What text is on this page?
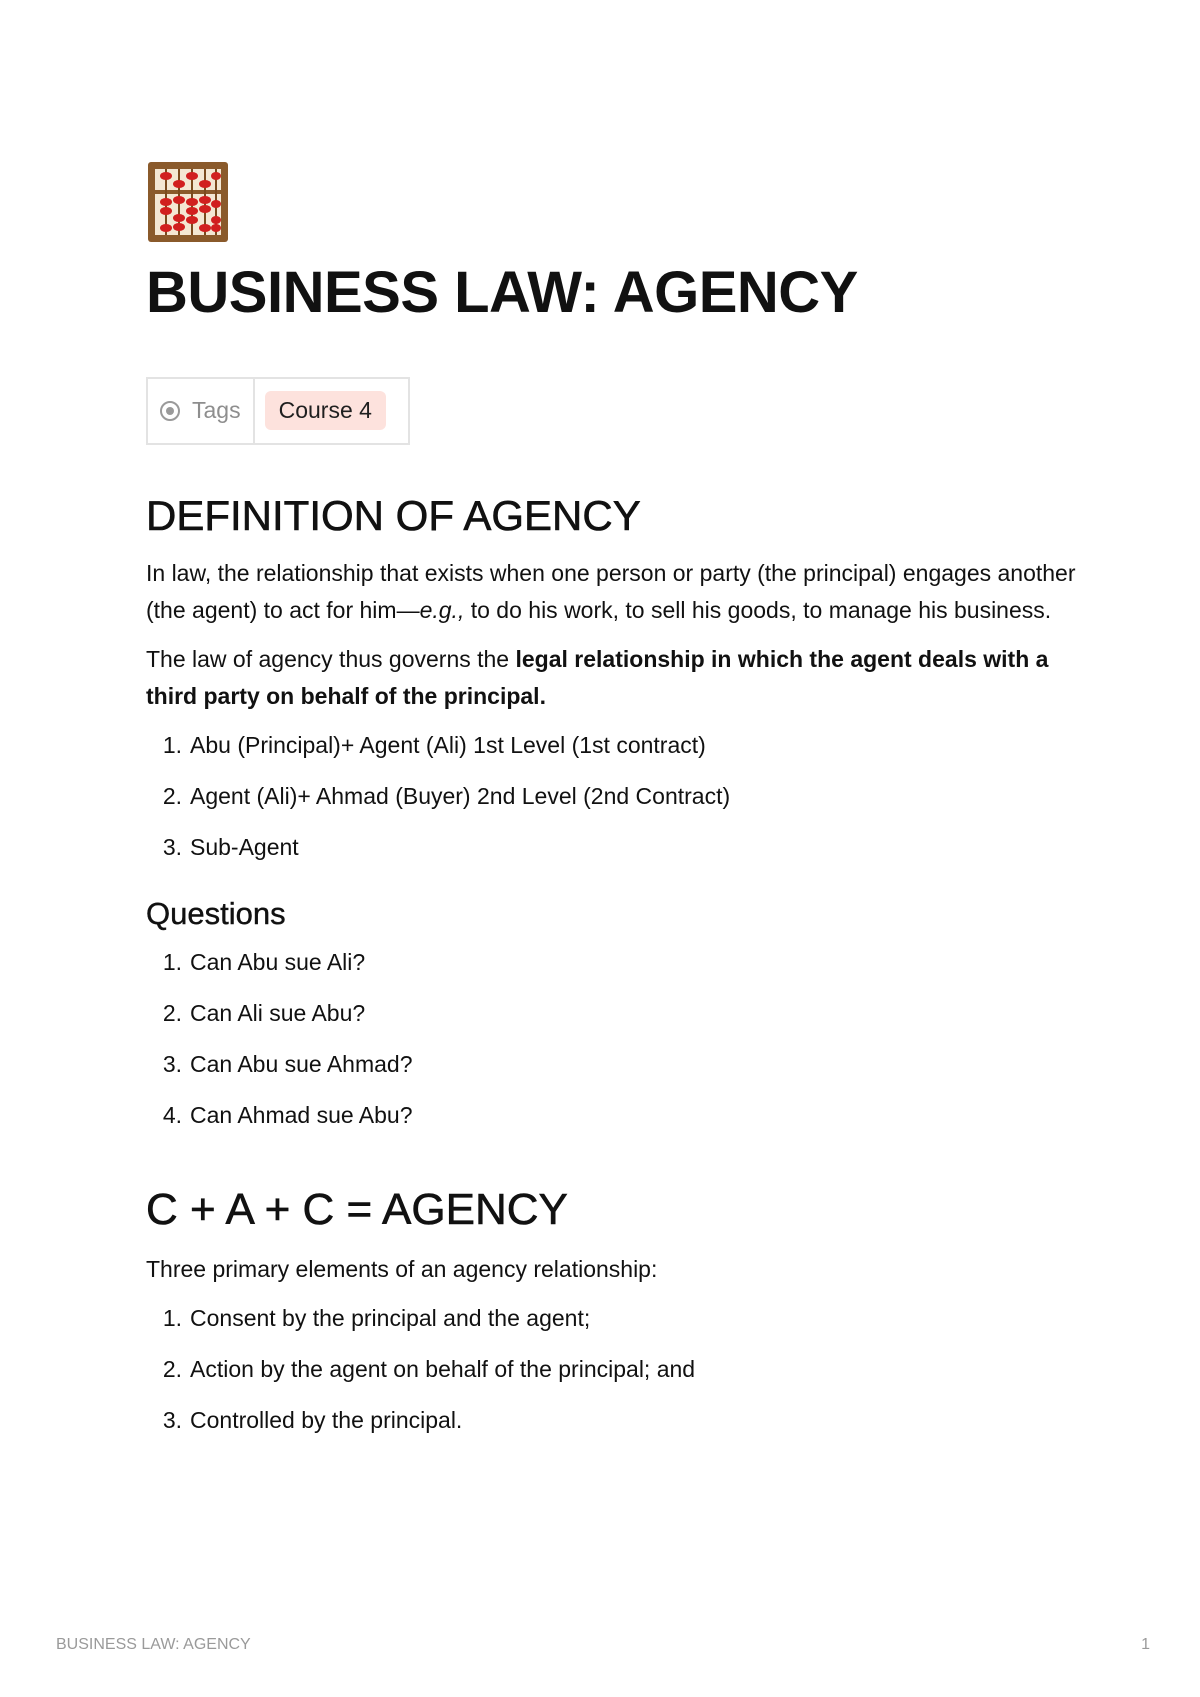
BUSINESS LAW: AGENCY
Tags	Course 4
DEFINITION OF AGENCY

In law, the relationship that exists when one person or party (the principal) engages another (the agent) to act for him—e.g., to do his work, to sell his goods, to manage his business.

The law of agency thus governs the legal relationship in which the agent deals with a third party on behalf of the principal.

1. Abu (Principal)+ Agent (Ali) 1st Level (1st contract)
2. Agent (Ali)+ Ahmad (Buyer) 2nd Level (2nd Contract)
3. Sub-Agent
Questions
1. Can Abu sue Ali?
2. Can Ali sue Abu?
3. Can Abu sue Ahmad?
4. Can Ahmad sue Abu?
C + A + C = AGENCY

Three primary elements of an agency relationship:

1. Consent by the principal and the agent;
2. Action by the agent on behalf of the principal; and
3. Controlled by the principal.
BUSINESS LAW: AGENCY	1
